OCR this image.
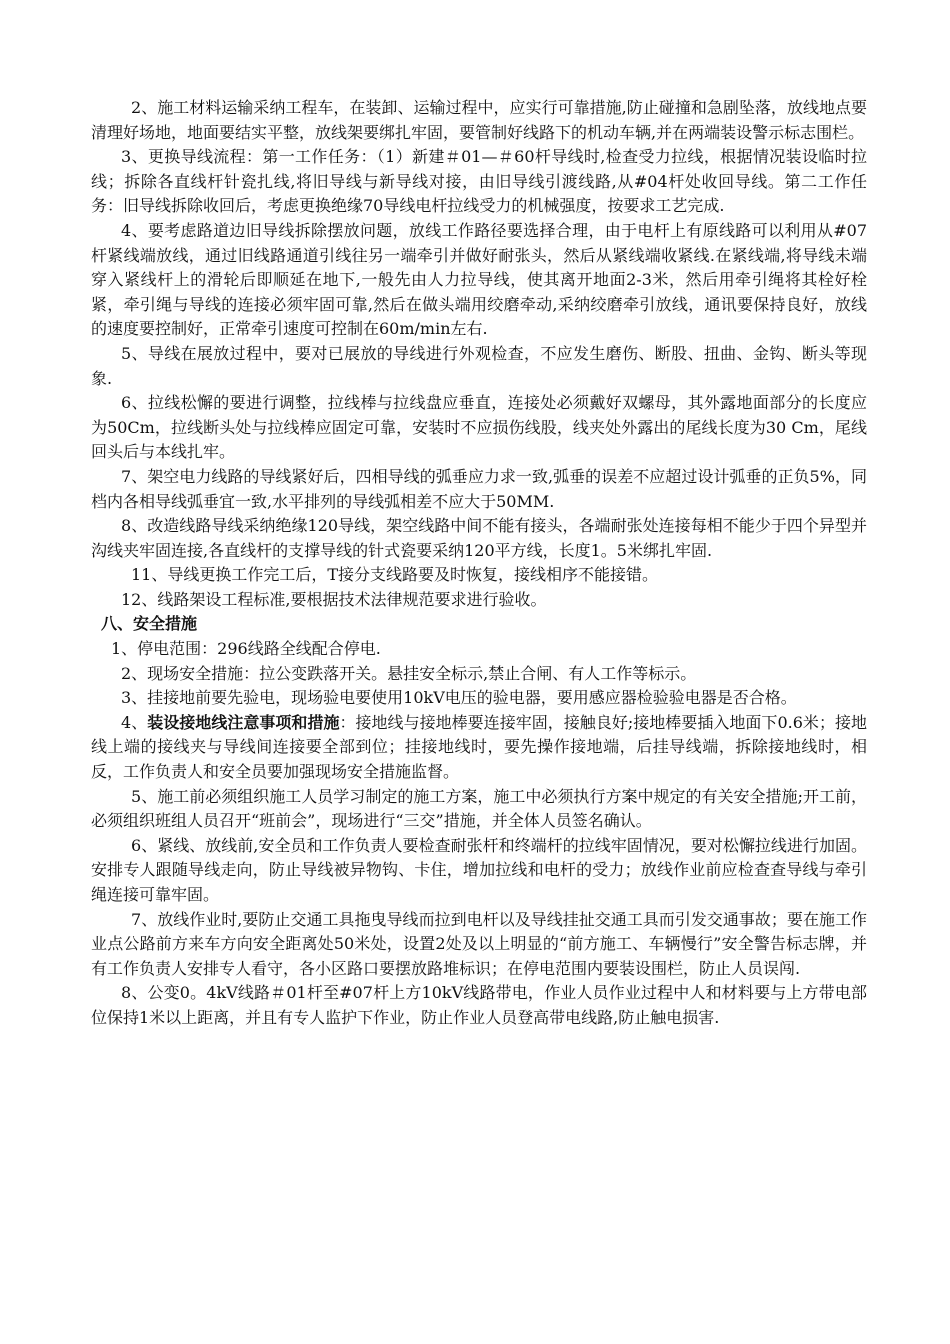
2、施工材料运输采纳工程车，在装卸、运输过程中，应实行可靠措施,防止碰撞和急剧坠落，放线地点要清理好场地，地面要结实平整，放线架要绑扎牢固，要管制好线路下的机动车辆,并在两端装设警示标志围栏。

3、更换导线流程：第一工作任务：（1）新建＃01—＃60杆导线时,检查受力拉线，根据情况装设临时拉线；拆除各直线杆针瓷扎线,将旧导线与新导线对接，由旧导线引渡线路,从#04杆处收回导线。第二工作任务：旧导线拆除收回后，考虑更换绝缘70导线电杆拉线受力的机械强度，按要求工艺完成.

4、要考虑路道边旧导线拆除摆放问题，放线工作路径要选择合理，由于电杆上有原线路可以利用从#07杆紧线端放线，通过旧线路通道引线往另一端牵引并做好耐张头，然后从紧线端收紧线.在紧线端,将导线未端穿入紧线杆上的滑轮后即顺延在地下,一般先由人力拉导线，使其离开地面2-3米，然后用牵引绳将其栓好栓紧，牵引绳与导线的连接必须牢固可靠,然后在做头端用绞磨牵动,采纳绞磨牵引放线，通讯要保持良好，放线的速度要控制好，正常牵引速度可控制在60m/min左右.

5、导线在展放过程中，要对已展放的导线进行外观检查，不应发生磨伤、断股、扭曲、金钩、断头等现象.

6、拉线松懈的要进行调整，拉线棒与拉线盘应垂直，连接处必须戴好双螺母，其外露地面部分的长度应为50Cm，拉线断头处与拉线棒应固定可靠，安装时不应损伤线股，线夹处外露出的尾线长度为30 Cm，尾线回头后与本线扎牢。

7、架空电力线路的导线紧好后，四相导线的弧垂应力求一致,弧垂的误差不应超过设计弧垂的正负5%，同档内各相导线弧垂宜一致,水平排列的导线弧相差不应大于50MM.

8、改造线路导线采纳绝缘120导线，架空线路中间不能有接头，各端耐张处连接每相不能少于四个异型并沟线夹牢固连接,各直线杆的支撑导线的针式瓷要采纳120平方线，长度1。5米绑扎牢固.

11、导线更换工作完工后，T接分支线路要及时恢复，接线相序不能接错。

12、线路架设工程标准,要根据技术法律规范要求进行验收。

八、安全措施

1、停电范围：296线路全线配合停电.

2、现场安全措施：拉公变跌落开关。悬挂安全标示,禁止合闸、有人工作等标示。

3、挂接地前要先验电，现场验电要使用10kV电压的验电器，要用感应器检验验电器是否合格。

4、装设接地线注意事项和措施：接地线与接地棒要连接牢固，接触良好;接地棒要插入地面下0.6米；接地线上端的接线夹与导线间连接要全部到位；挂接地线时，要先操作接地端，后挂导线端，拆除接地线时，相反，工作负责人和安全员要加强现场安全措施监督。

5、施工前必须组织施工人员学习制定的施工方案，施工中必须执行方案中规定的有关安全措施;开工前，必须组织班组人员召开“班前会”，现场进行“三交”措施，并全体人员签名确认。

6、紧线、放线前,安全员和工作负责人要检查耐张杆和终端杆的拉线牢固情况，要对松懈拉线进行加固。安排专人跟随导线走向，防止导线被异物钩、卡住，增加拉线和电杆的受力；放线作业前应检查查导线与牵引绳连接可靠牢固。

7、放线作业时,要防止交通工具拖曳导线而拉到电杆以及导线挂扯交通工具而引发交通事故；要在施工作业点公路前方来车方向安全距离处50米处，设置2处及以上明显的“前方施工、车辆慢行”安全警告标志牌，并有工作负责人安排专人看守，各小区路口要摆放路堆标识；在停电范围内要装设围栏，防止人员误闯.

8、公变0。4kV线路＃01杆至#07杆上方10kV线路带电，作业人员作业过程中人和材料要与上方带电部位保持1米以上距离，并且有专人监护下作业，防止作业人员登高带电线路,防止触电损害.
